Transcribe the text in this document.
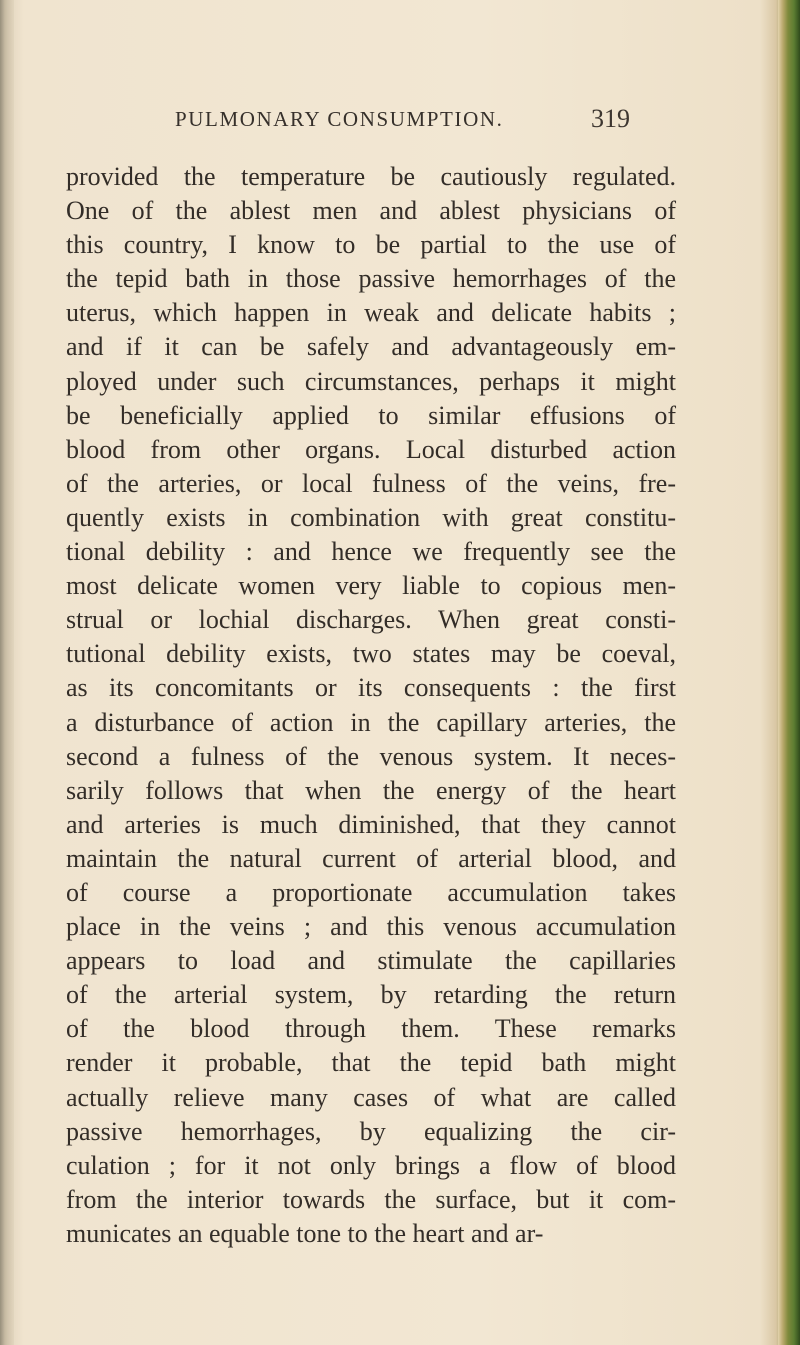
PULMONARY CONSUMPTION.	319
provided the temperature be cautiously regulated.
One of the ablest men and ablest physicians of
this country, I know to be partial to the use of
the tepid bath in those passive hemorrhages of the
uterus, which happen in weak and delicate habits ;
and if it can be safely and advantageously em-
ployed under such circumstances, perhaps it might
be beneficially applied to similar effusions of
blood from other organs. Local disturbed action
of the arteries, or local fulness of the veins, fre-
quently exists in combination with great constitu-
tional debility : and hence we frequently see the
most delicate women very liable to copious men-
strual or lochial discharges. When great consti-
tutional debility exists, two states may be coeval,
as its concomitants or its consequents : the first
a disturbance of action in the capillary arteries, the
second a fulness of the venous system. It neces-
sarily follows that when the energy of the heart
and arteries is much diminished, that they cannot
maintain the natural current of arterial blood, and
of course a proportionate accumulation takes
place in the veins ; and this venous accumulation
appears to load and stimulate the capillaries
of the arterial system, by retarding the return
of the blood through them. These remarks
render it probable, that the tepid bath might
actually relieve many cases of what are called
passive hemorrhages, by equalizing the cir-
culation ; for it not only brings a flow of blood
from the interior towards the surface, but it com-
municates an equable tone to the heart and ar-
